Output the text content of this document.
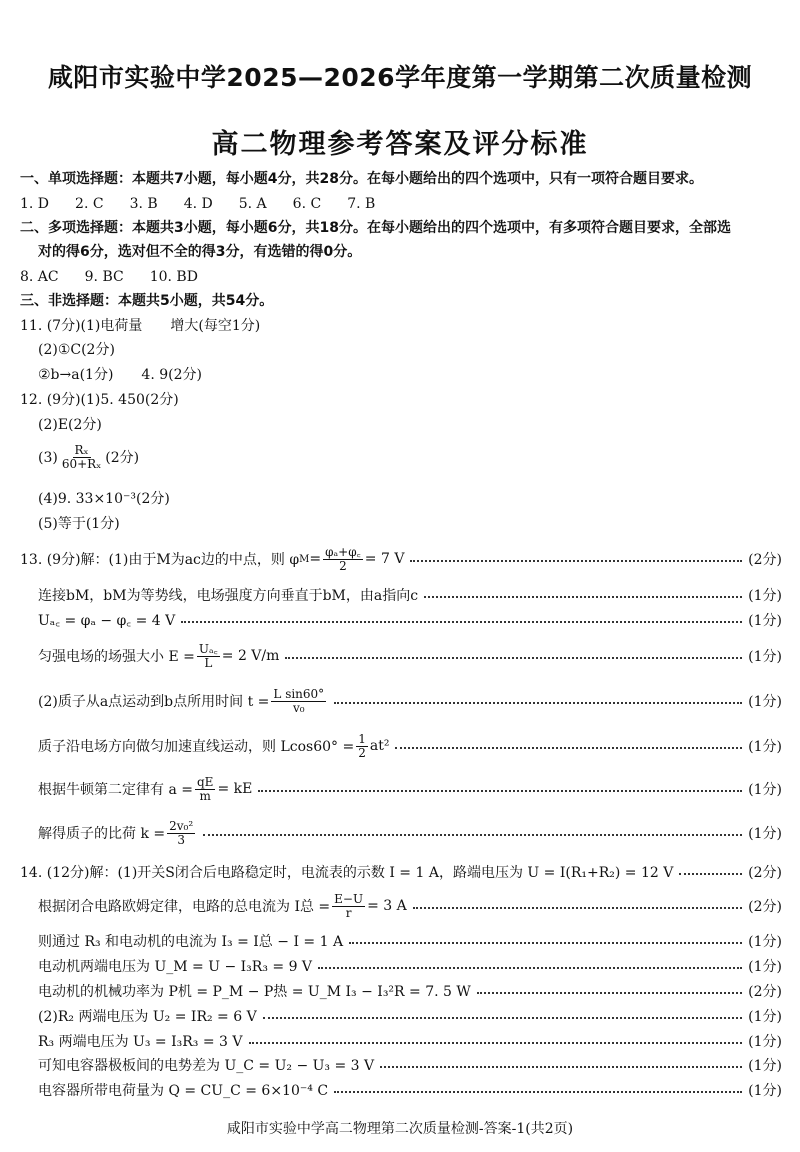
咸阳市实验中学2025—2026学年度第一学期第二次质量检测
高二物理参考答案及评分标准
一、单项选择题：本题共7小题，每小题4分，共28分。在每小题给出的四个选项中，只有一项符合题目要求。
1. D 2. C 3. B 4. D 5. A 6. C 7. B
二、多项选择题：本题共3小题，每小题6分，共18分。在每小题给出的四个选项中，有多项符合题目要求，全部选
对的得6分，选对但不全的得3分，有选错的得0分。
8. AC 9. BC 10. BD
三、非选择题：本题共5小题，共54分。
11. (7分)(1)电荷量　　增大(每空1分)
(2)①C(2分)
②b→a(1分)　　4. 9(2分)
12. (9分)(1)5. 450(2分)
(2)E(2分)
$(3) \frac{\text{Rₓ}}{\text{60+Rₓ}} (2$分)
(4)9. 33×10⁻³(2分)
(5)等于(1分)
13. (9分)解：(1)由于M为ac边的中点，则 φ $M = \frac{\text{φₐ+φ꜀}}{2} = 7$ V	(2分)
连接bM，bM为等势线，电场强度方向垂直于bM，由a指向c	(1分)
Uₐ꜀ = φₐ − φ꜀ = 4 V	(1分)
匀强电场的场强大小 $E = \frac{\text{Uₐ꜀}}{L} = 2$ V/m	(1分)
(2)质子从a点运动到b点所用时间 $t = \frac{\text{L sin60°}}{\text{v₀}}$	(1分)
质子沿电场方向做匀加速直线运动，则 $Lcos60^\circ = \frac{1}{2} at^2$	(1分)
根据牛顿第二定律有 $a = \frac{qE}{m}$ = kE	(1分)
解得质子的比荷 $k = \frac{\text{2v₀²}}{3}$	(1分)
14. (12分)解：(1)开关S闭合后电路稳定时，电流表的示数 I = 1 A，路端电压为 U = I(R₁+R₂) = 12 V	(2分)
根据闭合电路欧姆定律，电路的总电流为 I总 = $\frac{E-U}{r} = 3$ A	(2分)
则通过 R₃ 和电动机的电流为 I₃ = I总 − I = 1 A	(1分)
电动机两端电压为 U_M = U − I₃R₃ = 9 V	(1分)
电动机的机械功率为 P机 = P_M − P热 = U_M I₃ − I₃²R = 7. 5 W	(2分)
(2)R₂ 两端电压为 U₂ = IR₂ = 6 V	(1分)
R₃ 两端电压为 U₃ = I₃R₃ = 3 V	(1分)
可知电容器极板间的电势差为 U_C = U₂ − U₃ = 3 V	(1分)
电容器所带电荷量为 Q = CU_C = 6×10⁻⁴ C	(1分)
咸阳市实验中学高二物理第二次质量检测-答案-1(共2页)
